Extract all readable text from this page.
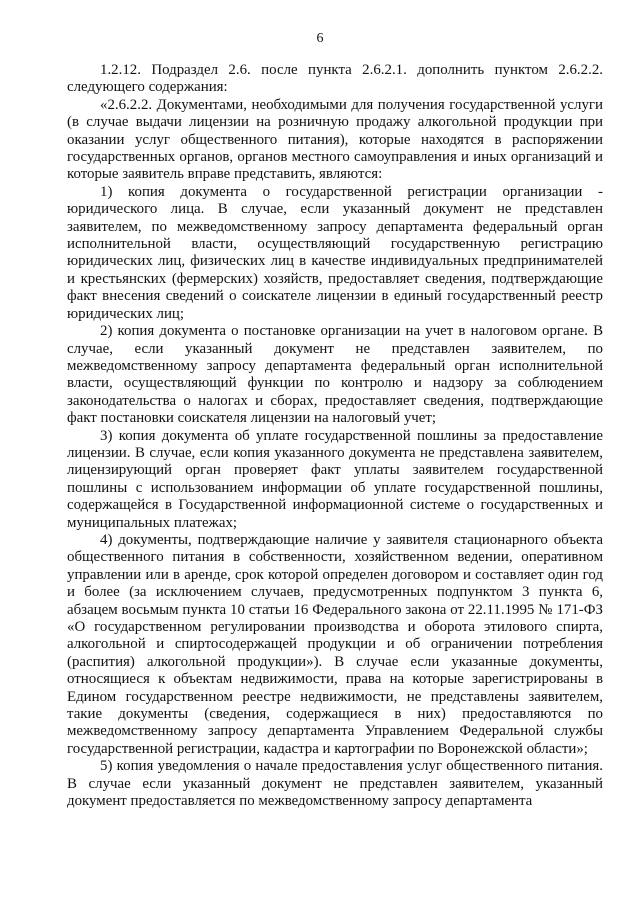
6

1.2.12. Подраздел 2.6. после пункта 2.6.2.1. дополнить пунктом 2.6.2.2. следующего содержания:

«2.6.2.2. Документами, необходимыми для получения государственной услуги (в случае выдачи лицензии на розничную продажу алкогольной продукции при оказании услуг общественного питания), которые находятся в распоряжении государственных органов, органов местного самоуправления и иных организаций и которые заявитель вправе представить, являются:

1) копия документа о государственной регистрации организации - юридического лица. В случае, если указанный документ не представлен заявителем, по межведомственному запросу департамента федеральный орган исполнительной власти, осуществляющий государственную регистрацию юридических лиц, физических лиц в качестве индивидуальных предпринимателей и крестьянских (фермерских) хозяйств, предоставляет сведения, подтверждающие факт внесения сведений о соискателе лицензии в единый государственный реестр юридических лиц;

2) копия документа о постановке организации на учет в налоговом органе. В случае, если указанный документ не представлен заявителем, по межведомственному запросу департамента федеральный орган исполнительной власти, осуществляющий функции по контролю и надзору за соблюдением законодательства о налогах и сборах, предоставляет сведения, подтверждающие факт постановки соискателя лицензии на налоговый учет;

3) копия документа об уплате государственной пошлины за предоставление лицензии. В случае, если копия указанного документа не представлена заявителем, лицензирующий орган проверяет факт уплаты заявителем государственной пошлины с использованием информации об уплате государственной пошлины, содержащейся в Государственной информационной системе о государственных и муниципальных платежах;

4) документы, подтверждающие наличие у заявителя стационарного объекта общественного питания в собственности, хозяйственном ведении, оперативном управлении или в аренде, срок которой определен договором и составляет один год и более (за исключением случаев, предусмотренных подпунктом 3 пункта 6, абзацем восьмым пункта 10 статьи 16 Федерального закона от 22.11.1995 № 171-ФЗ «О государственном регулировании производства и оборота этилового спирта, алкогольной и спиртосодержащей продукции и об ограничении потребления (распития) алкогольной продукции»). В случае если указанные документы, относящиеся к объектам недвижимости, права на которые зарегистрированы в Едином государственном реестре недвижимости, не представлены заявителем, такие документы (сведения, содержащиеся в них) предоставляются по межведомственному запросу департамента Управлением Федеральной службы государственной регистрации, кадастра и картографии по Воронежской области»;

5) копия уведомления о начале предоставления услуг общественного питания. В случае если указанный документ не представлен заявителем, указанный документ предоставляется по межведомственному запросу департамента
